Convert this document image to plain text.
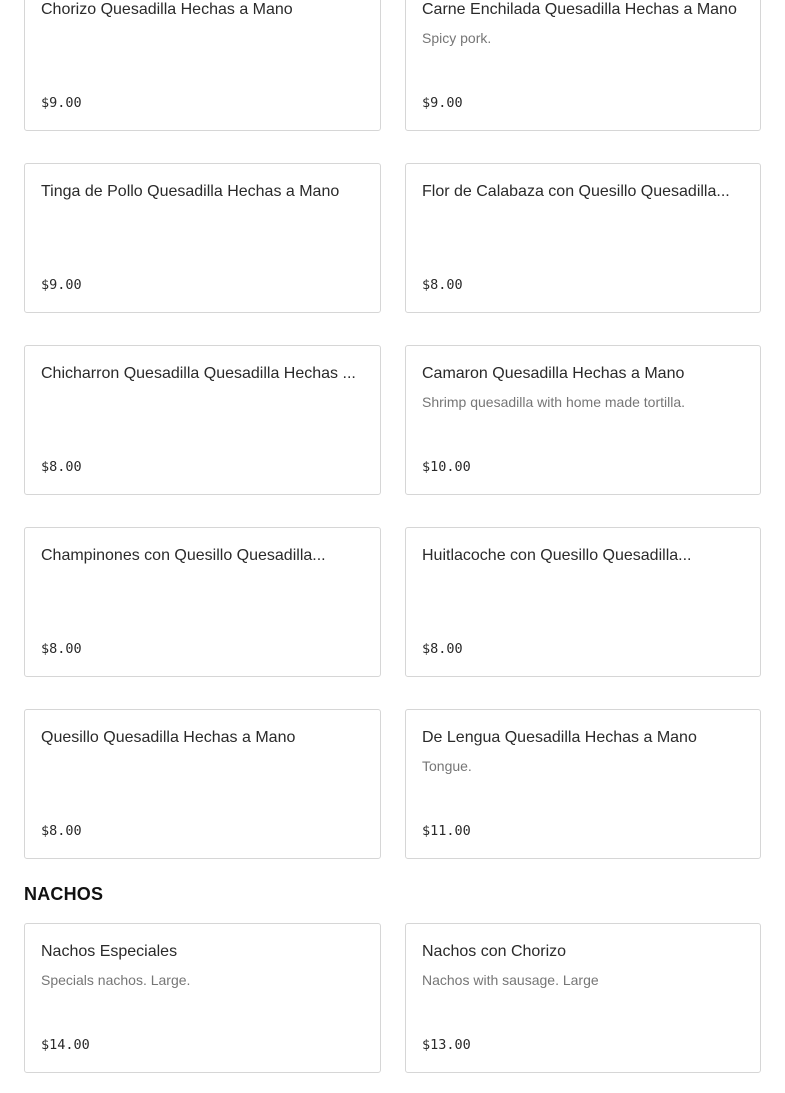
Chorizo Quesadilla Hechas a Mano
$9.00
Carne Enchilada Quesadilla Hechas a Mano
Spicy pork.
$9.00
Tinga de Pollo Quesadilla Hechas a Mano
$9.00
Flor de Calabaza con Quesillo Quesadilla...
$8.00
Chicharron Quesadilla Quesadilla Hechas ...
$8.00
Camaron Quesadilla Hechas a Mano
Shrimp quesadilla with home made tortilla.
$10.00
Champinones con Quesillo Quesadilla...
$8.00
Huitlacoche con Quesillo Quesadilla...
$8.00
Quesillo Quesadilla Hechas a Mano
$8.00
De Lengua Quesadilla Hechas a Mano
Tongue.
$11.00
NACHOS
Nachos Especiales
Specials nachos. Large.
$14.00
Nachos con Chorizo
Nachos with sausage. Large
$13.00
